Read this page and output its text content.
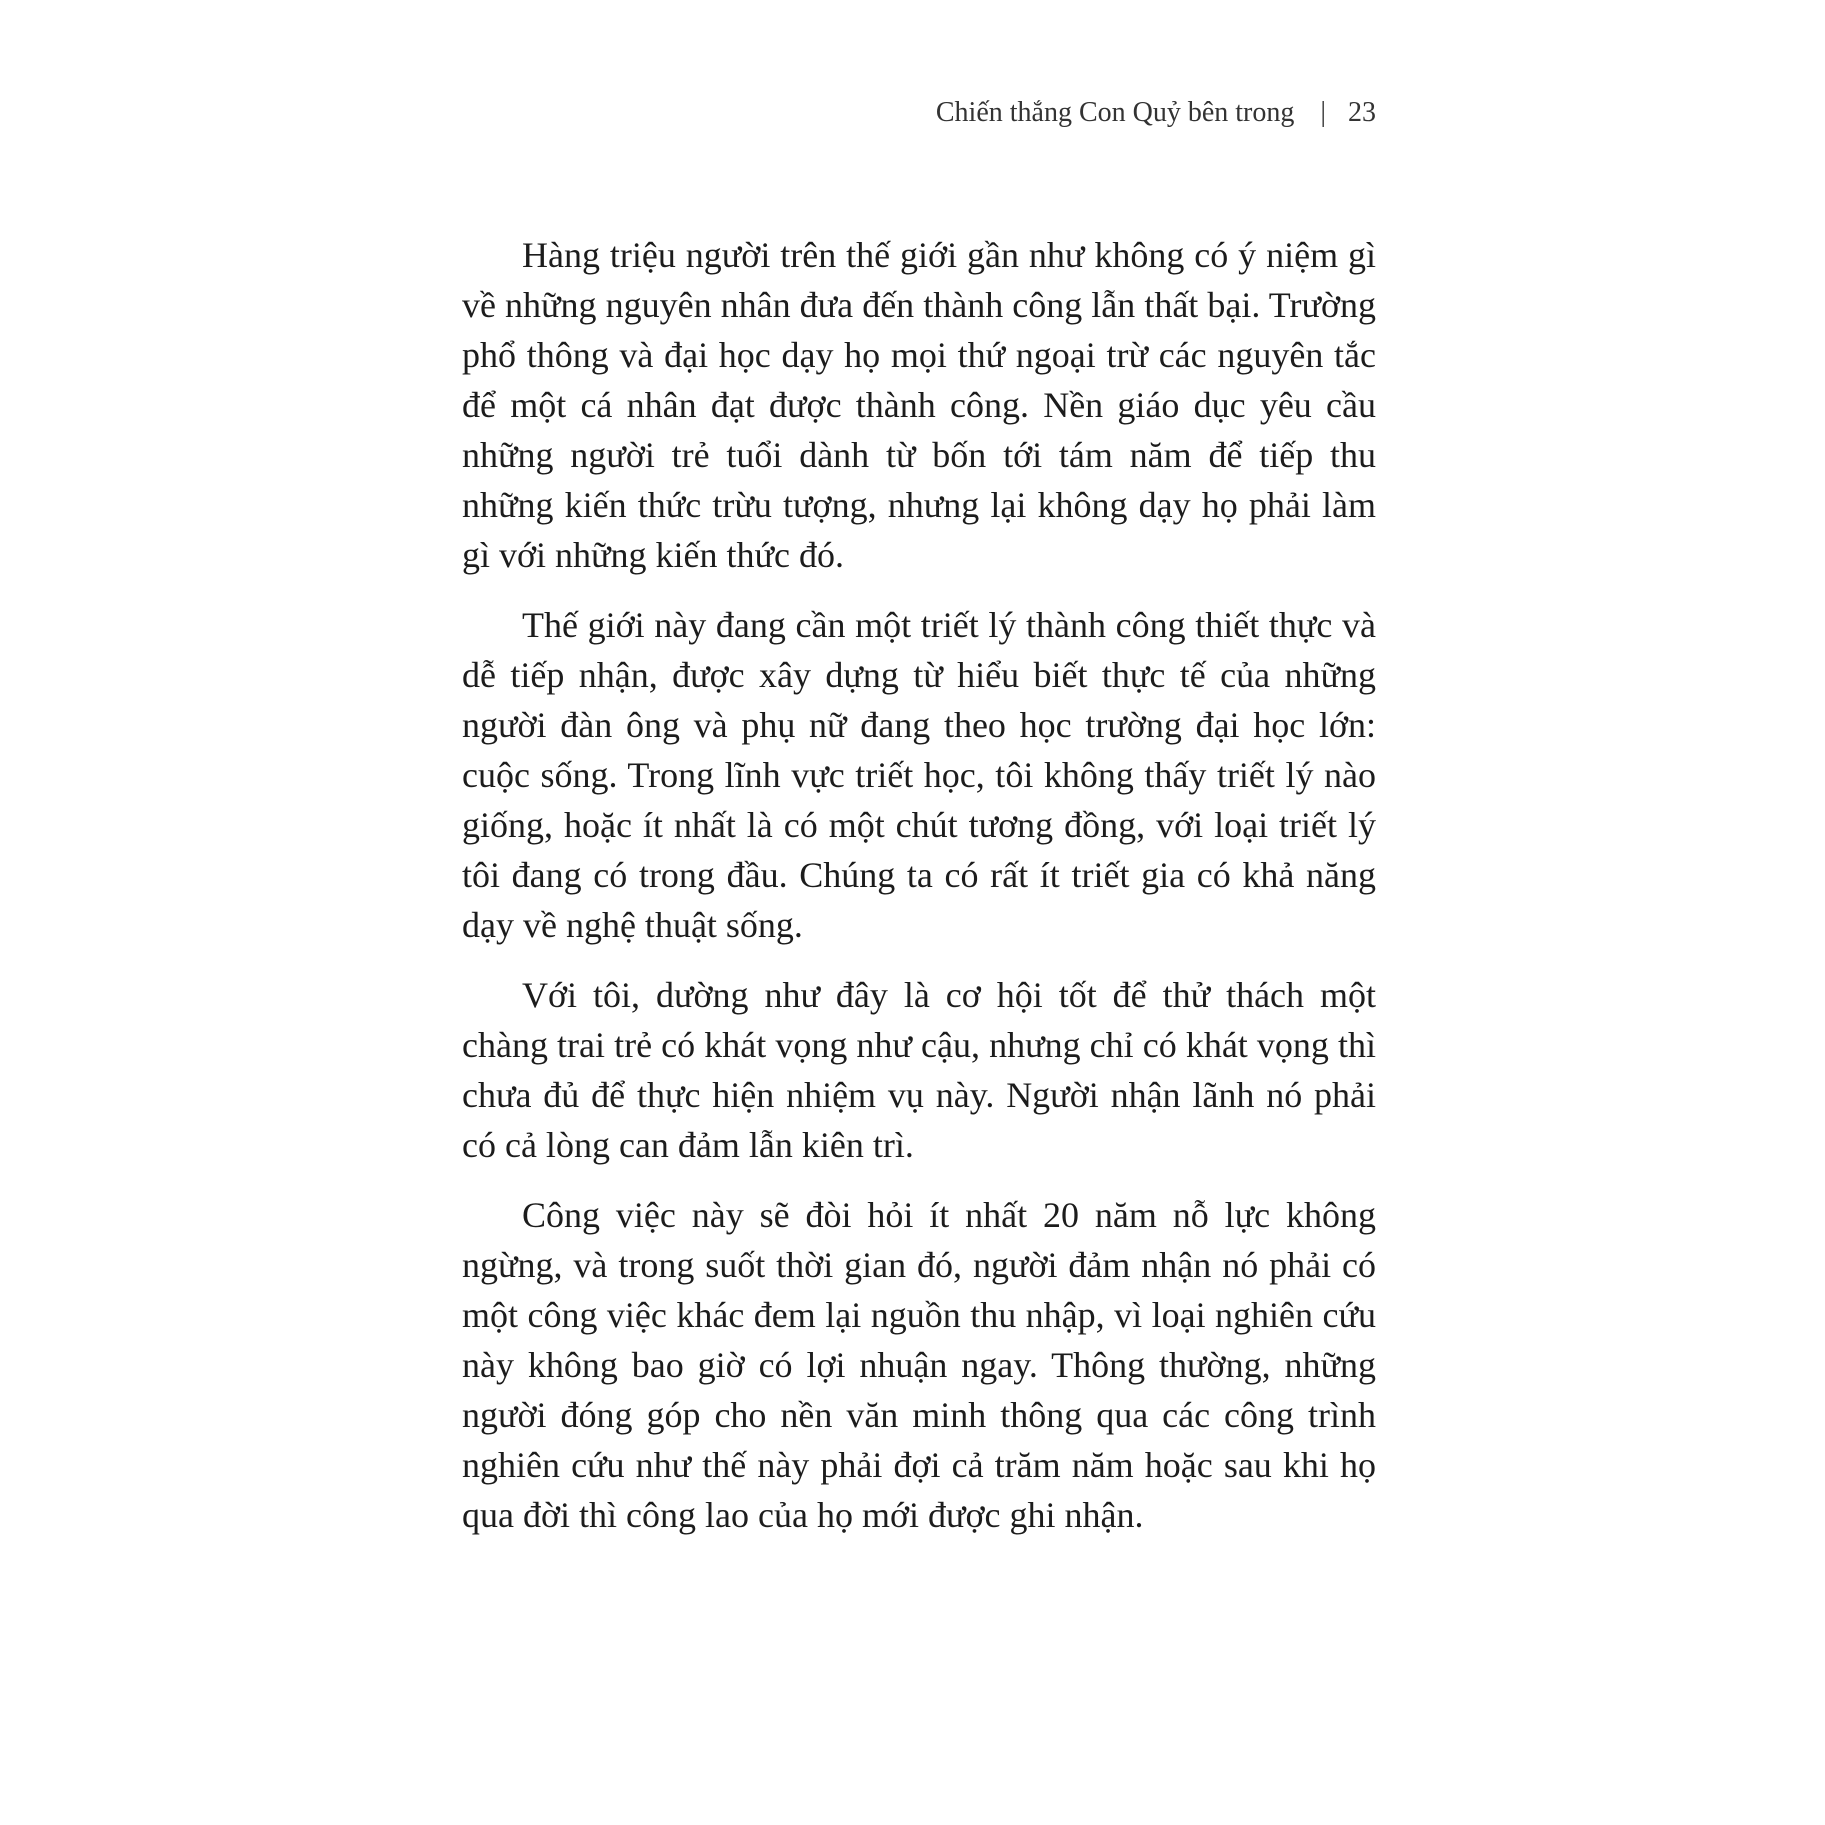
Chiến thắng Con Quỷ bên trong | 23

Hàng triệu người trên thế giới gần như không có ý niệm gì về những nguyên nhân đưa đến thành công lẫn thất bại. Trường phổ thông và đại học dạy họ mọi thứ ngoại trừ các nguyên tắc để một cá nhân đạt được thành công. Nền giáo dục yêu cầu những người trẻ tuổi dành từ bốn tới tám năm để tiếp thu những kiến thức trừu tượng, nhưng lại không dạy họ phải làm gì với những kiến thức đó.

Thế giới này đang cần một triết lý thành công thiết thực và dễ tiếp nhận, được xây dựng từ hiểu biết thực tế của những người đàn ông và phụ nữ đang theo học trường đại học lớn: cuộc sống. Trong lĩnh vực triết học, tôi không thấy triết lý nào giống, hoặc ít nhất là có một chút tương đồng, với loại triết lý tôi đang có trong đầu. Chúng ta có rất ít triết gia có khả năng dạy về nghệ thuật sống.

Với tôi, dường như đây là cơ hội tốt để thử thách một chàng trai trẻ có khát vọng như cậu, nhưng chỉ có khát vọng thì chưa đủ để thực hiện nhiệm vụ này. Người nhận lãnh nó phải có cả lòng can đảm lẫn kiên trì.

Công việc này sẽ đòi hỏi ít nhất 20 năm nỗ lực không ngừng, và trong suốt thời gian đó, người đảm nhận nó phải có một công việc khác đem lại nguồn thu nhập, vì loại nghiên cứu này không bao giờ có lợi nhuận ngay. Thông thường, những người đóng góp cho nền văn minh thông qua các công trình nghiên cứu như thế này phải đợi cả trăm năm hoặc sau khi họ qua đời thì công lao của họ mới được ghi nhận.
